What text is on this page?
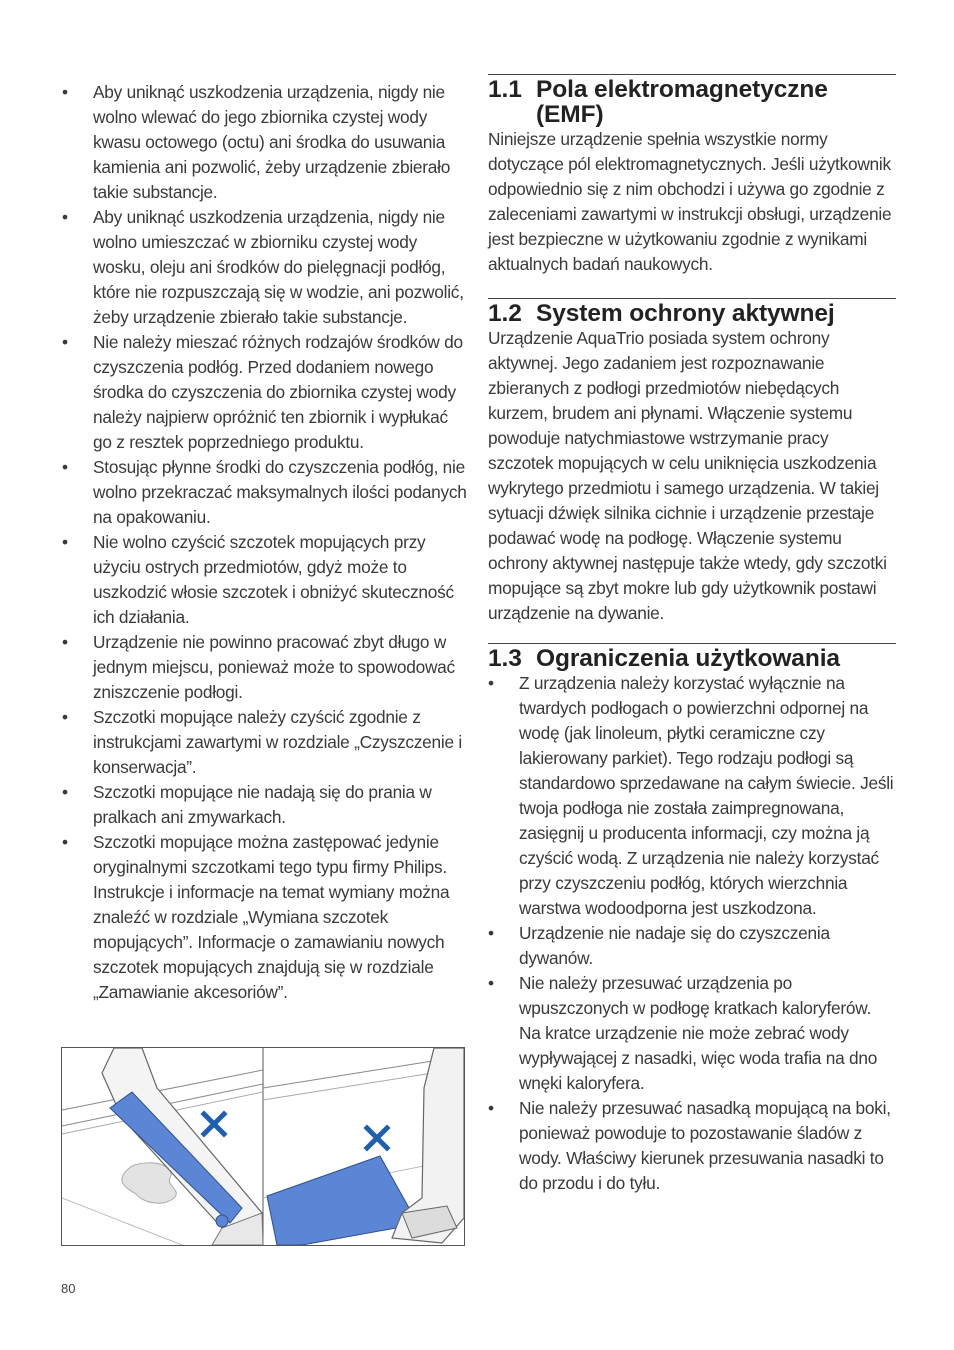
• Aby uniknąć uszkodzenia urządzenia, nigdy nie wolno wlewać do jego zbiornika czystej wody kwasu octowego (octu) ani środka do usuwania kamienia ani pozwolić, żeby urządzenie zbierało takie substancje.
• Aby uniknąć uszkodzenia urządzenia, nigdy nie wolno umieszczać w zbiorniku czystej wody wosku, oleju ani środków do pielęgnacji podłóg, które nie rozpuszczają się w wodzie, ani pozwolić, żeby urządzenie zbierało takie substancje.
• Nie należy mieszać różnych rodzajów środków do czyszczenia podłóg. Przed dodaniem nowego środka do czyszczenia do zbiornika czystej wody należy najpierw opróżnić ten zbiornik i wypłukać go z resztek poprzedniego produktu.
• Stosując płynne środki do czyszczenia podłóg, nie wolno przekraczać maksymalnych ilości podanych na opakowaniu.
• Nie wolno czyścić szczotek mopujących przy użyciu ostrych przedmiotów, gdyż może to uszkodzić włosie szczotek i obniżyć skuteczność ich działania.
• Urządzenie nie powinno pracować zbyt długo w jednym miejscu, ponieważ może to spowodować zniszczenie podłogi.
• Szczotki mopujące należy czyścić zgodnie z instrukcjami zawartymi w rozdziale „Czyszczenie i konserwacja”.
• Szczotki mopujące nie nadają się do prania w pralkach ani zmywarkach.
• Szczotki mopujące można zastępować jedynie oryginalnymi szczotkami tego typu firmy Philips. Instrukcje i informacje na temat wymiany można znaleźć w rozdziale „Wymiana szczotek mopujących”. Informacje o zamawianiu nowych szczotek mopujących znajdują się w rozdziale „Zamawianie akcesoriów”.
1.1 Pola elektromagnetyczne (EMF)

Niniejsze urządzenie spełnia wszystkie normy dotyczące pól elektromagnetycznych. Jeśli użytkownik odpowiednio się z nim obchodzi i używa go zgodnie z zaleceniami zawartymi w instrukcji obsługi, urządzenie jest bezpieczne w użytkowaniu zgodnie z wynikami aktualnych badań naukowych.

1.2 System ochrony aktywnej

Urządzenie AquaTrio posiada system ochrony aktywnej. Jego zadaniem jest rozpoznawanie zbieranych z podłogi przedmiotów niebędących kurzem, brudem ani płynami. Włączenie systemu powoduje natychmiastowe wstrzymanie pracy szczotek mopujących w celu uniknięcia uszkodzenia wykrytego przedmiotu i samego urządzenia. W takiej sytuacji dźwięk silnika cichnie i urządzenie przestaje podawać wodę na podłogę. Włączenie systemu ochrony aktywnej następuje także wtedy, gdy szczotki mopujące są zbyt mokre lub gdy użytkownik postawi urządzenie na dywanie.

1.3 Ograniczenia użytkowania
• Z urządzenia należy korzystać wyłącznie na twardych podłogach o powierzchni odpornej na wodę (jak linoleum, płytki ceramiczne czy lakierowany parkiet). Tego rodzaju podłogi są standardowo sprzedawane na całym świecie. Jeśli twoja podłoga nie została zaimpregnowana, zasięgnij u producenta informacji, czy można ją czyścić wodą. Z urządzenia nie należy korzystać przy czyszczeniu podłóg, których wierzchnia warstwa wodoodporna jest uszkodzona.
• Urządzenie nie nadaje się do czyszczenia dywanów.
• Nie należy przesuwać urządzenia po wpuszczonych w podłogę kratkach kaloryferów. Na kratce urządzenie nie może zebrać wody wypływającej z nasadki, więc woda trafia na dno wnęki kaloryfera.
• Nie należy przesuwać nasadką mopującą na boki, ponieważ powoduje to pozostawanie śladów z wody. Właściwy kierunek przesuwania nasadki to do przodu i do tyłu.
80
